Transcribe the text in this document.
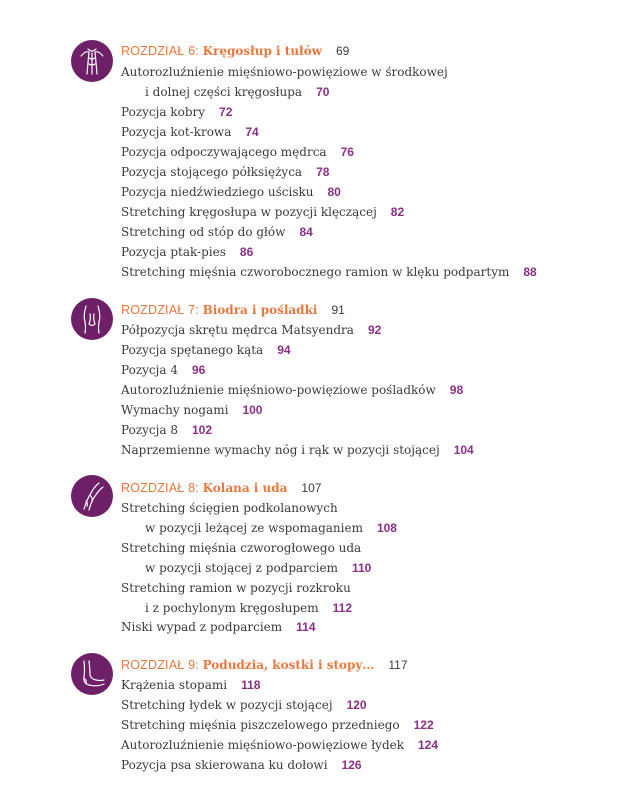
ROZDZIAŁ 6: Kręgosłup i tułów 69
Autorozluźnienie mięśniowo-powięziowe w środkowej
i dolnej części kręgosłupa 70
Pozycja kobry 72
Pozycja kot-krowa 74
Pozycja odpoczywającego mędrca 76
Pozycja stojącego półksiężyca 78
Pozycja niedźwiedziego uścisku 80
Stretching kręgosłupa w pozycji klęczącej 82
Stretching od stóp do głów 84
Pozycja ptak-pies 86
Stretching mięśnia czworobocznego ramion w klęku podpartym 88
ROZDZIAŁ 7: Biodra i pośladki 91
Półpozycja skrętu mędrca Matsyendra 92
Pozycja spętanego kąta 94
Pozycja 4 96
Autorozluźnienie mięśniowo-powięziowe pośladków 98
Wymachy nogami 100
Pozycja 8 102
Naprzemienne wymachy nóg i rąk w pozycji stojącej 104
ROZDZIAŁ 8: Kolana i uda 107
Stretching ścięgien podkolanowych
w pozycji leżącej ze wspomaganiem 108
Stretching mięśnia czworogłowego uda
w pozycji stojącej z podparciem 110
Stretching ramion w pozycji rozkroku
i z pochylonym kręgosłupem 112
Niski wypad z podparciem 114
ROZDZIAŁ 9: Podudzia, kostki i stopy… 117
Krążenia stopami 118
Stretching łydek w pozycji stojącej 120
Stretching mięśnia piszczelowego przedniego 122
Autorozluźnienie mięśniowo-powięziowe łydek 124
Pozycja psa skierowana ku dołowi 126
